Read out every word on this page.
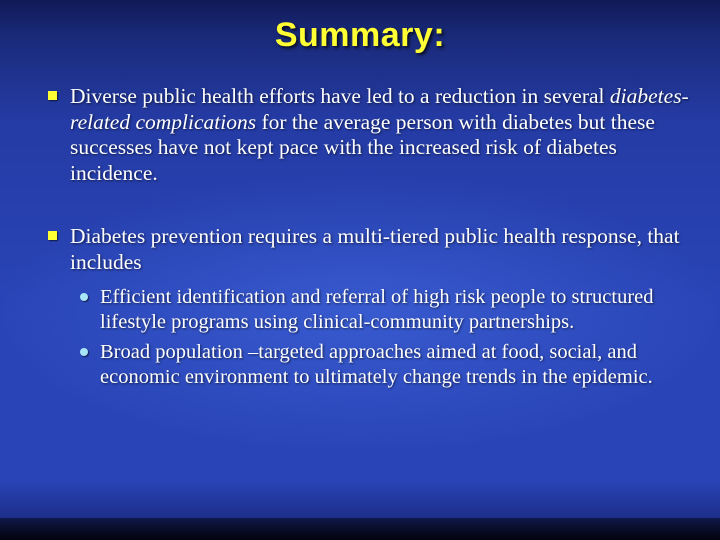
Summary:
Diverse public health efforts have led to a reduction in several diabetes-related complications for the average person with diabetes but these successes have not kept pace with the increased risk of diabetes incidence.
Diabetes prevention requires a multi-tiered public health response, that includes
Efficient identification and referral of high risk people to structured lifestyle programs using clinical-community partnerships.
Broad population –targeted approaches aimed at food, social, and economic environment to ultimately change trends in the epidemic.
